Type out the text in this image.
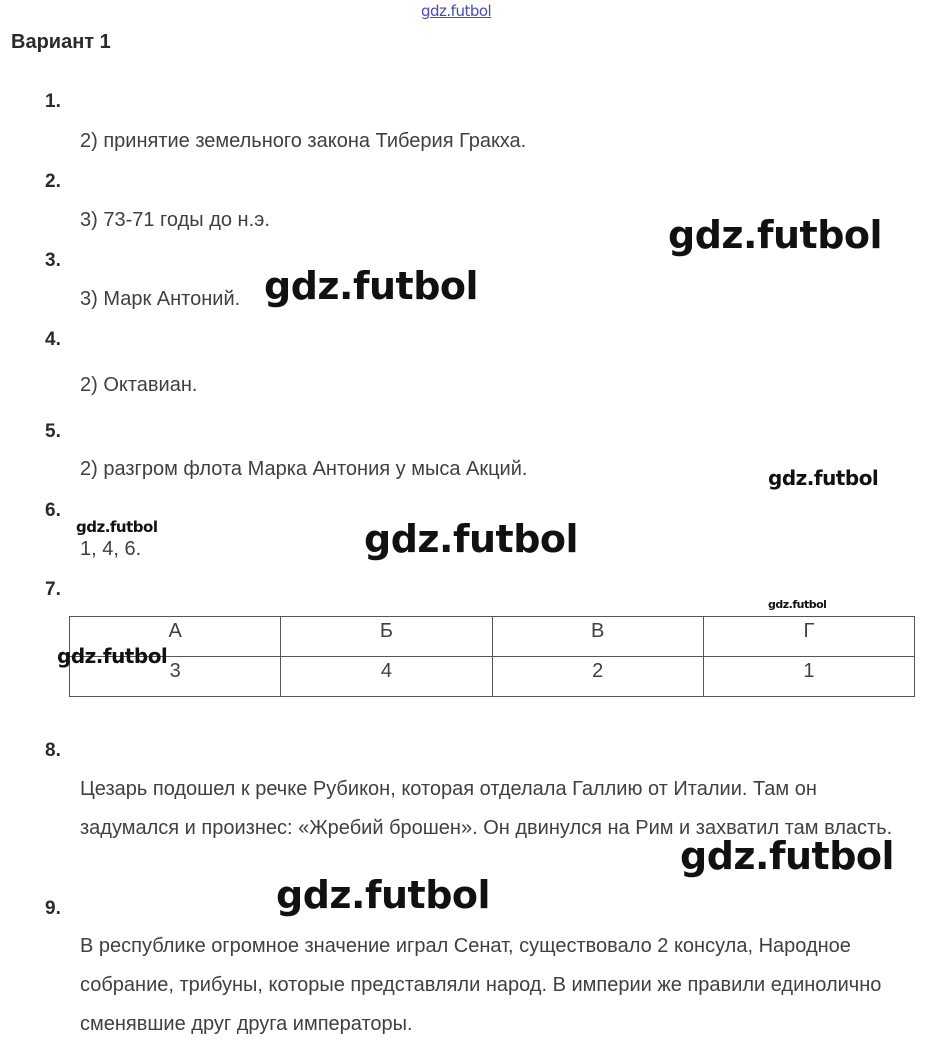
gdz.futbol
Вариант 1
1.
2) принятие земельного закона Тиберия Гракха.
2.
3) 73-71 годы до н.э.
3.
3) Марк Антоний.
4.
2) Октавиан.
5.
2) разгром флота Марка Антония у мыса Акций.
6.
1, 4, 6.
7.
А	Б	В	Г
3	4	2	1
8.
Цезарь подошел к речке Рубикон, которая отделала Галлию от Италии. Там он задумался и произнес: «Жребий брошен». Он двинулся на Рим и захватил там власть.
9.
В республике огромное значение играл Сенат, существовало 2 консула, Народное собрание, трибуны, которые представляли народ. В империи же правили единолично сменявшие друг друга императоры.
gdz.futbol
gdz.futbol
gdz.futbol
gdz.futbol	gdz.futbol
gdz.futbol
gdz.futbol
gdz.futbol
gdz.futbol
